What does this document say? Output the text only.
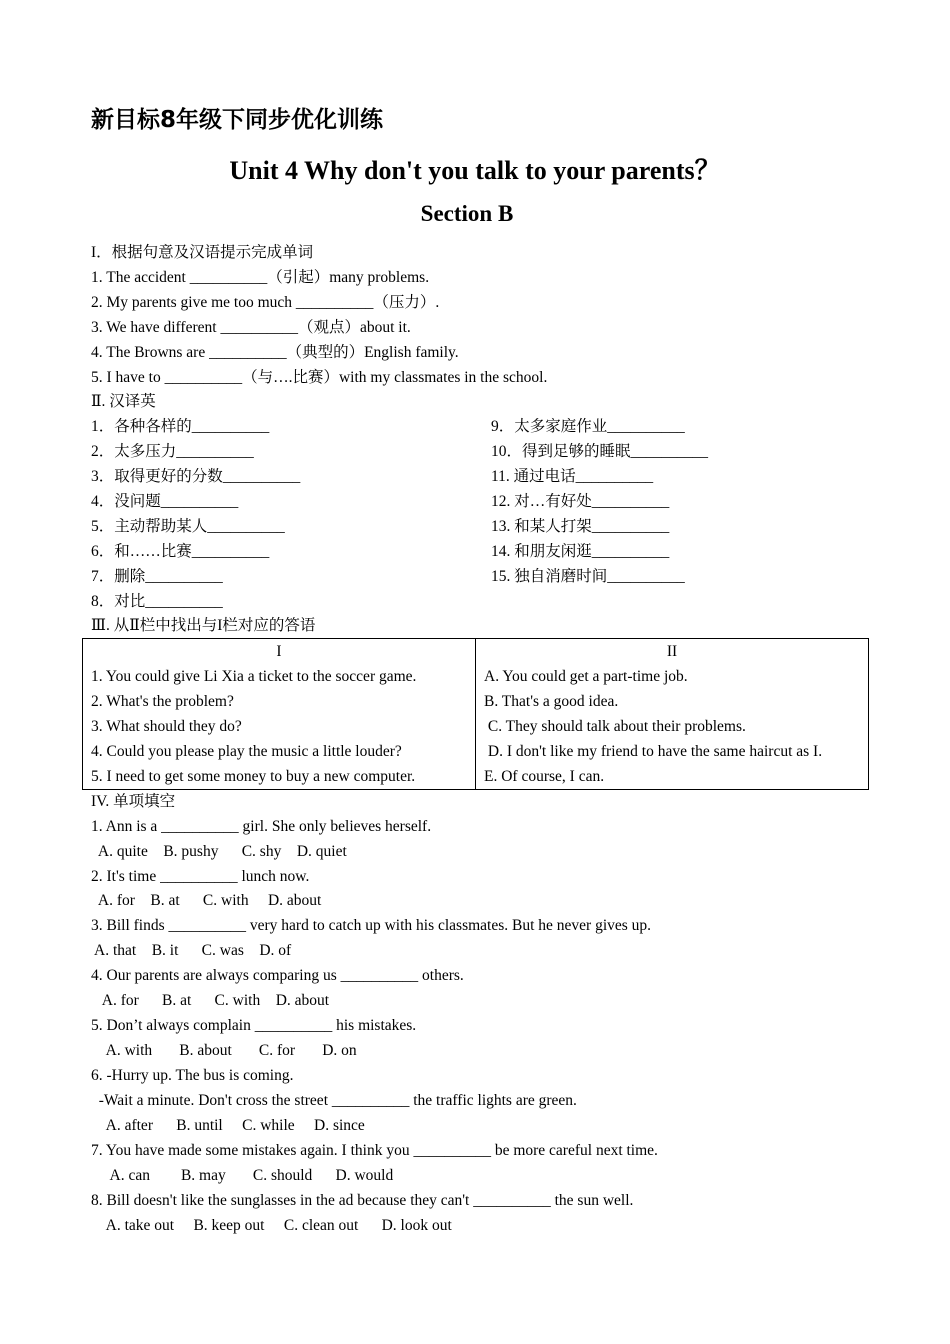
新目标8年级下同步优化训练
Unit 4 Why don't you talk to your parents？
Section B
I．根据句意及汉语提示完成单词
1. The accident __________（引起）many problems.
2. My parents give me too much __________（压力）.
3. We have different __________（观点）about it.
4. The Browns are __________（典型的）English family.
5. I have to __________（与….比赛）with my classmates in the school.
Ⅱ. 汉译英
1．各种各样的__________
2．太多压力__________
3．取得更好的分数__________
4．没问题__________
5．主动帮助某人__________
6．和……比赛__________
7．删除__________
8．对比__________
9．太多家庭作业__________
10．得到足够的睡眠__________
11. 通过电话__________
12. 对…有好处__________
13. 和某人打架__________
14. 和朋友闲逛__________
15. 独自消磨时间__________
Ⅲ. 从Ⅱ栏中找出与I栏对应的答语
I
1. You could give Li Xia a ticket to the soccer game.
2. What's the problem?
3. What should they do?
4. Could you please play the music a little louder?
5. I need to get some money to buy a new computer.

II
A. You could get a part-time job.
B. That's a good idea.
C. They should talk about their problems.
D. I don't like my friend to have the same haircut as I.
E. Of course, I can.
IV. 单项填空
1. Ann is a __________ girl. She only believes herself.
A. quite    B. pushy      C. shy    D. quiet
2. It's time __________ lunch now.
A. for    B. at      C. with     D. about
3. Bill finds __________ very hard to catch up with his classmates. But he never gives up.
A. that    B. it      C. was    D. of
4. Our parents are always comparing us __________ others.
A. for      B. at      C. with    D. about
5. Don’t always complain __________ his mistakes.
A. with       B. about       C. for       D. on
6. -Hurry up. The bus is coming.
-Wait a minute. Don't cross the street __________ the traffic lights are green.
A. after      B. until     C. while     D. since
7. You have made some mistakes again. I think you __________ be more careful next time.
A. can        B. may       C. should      D. would
8. Bill doesn't like the sunglasses in the ad because they can't __________ the sun well.
A. take out     B. keep out     C. clean out      D. look out
